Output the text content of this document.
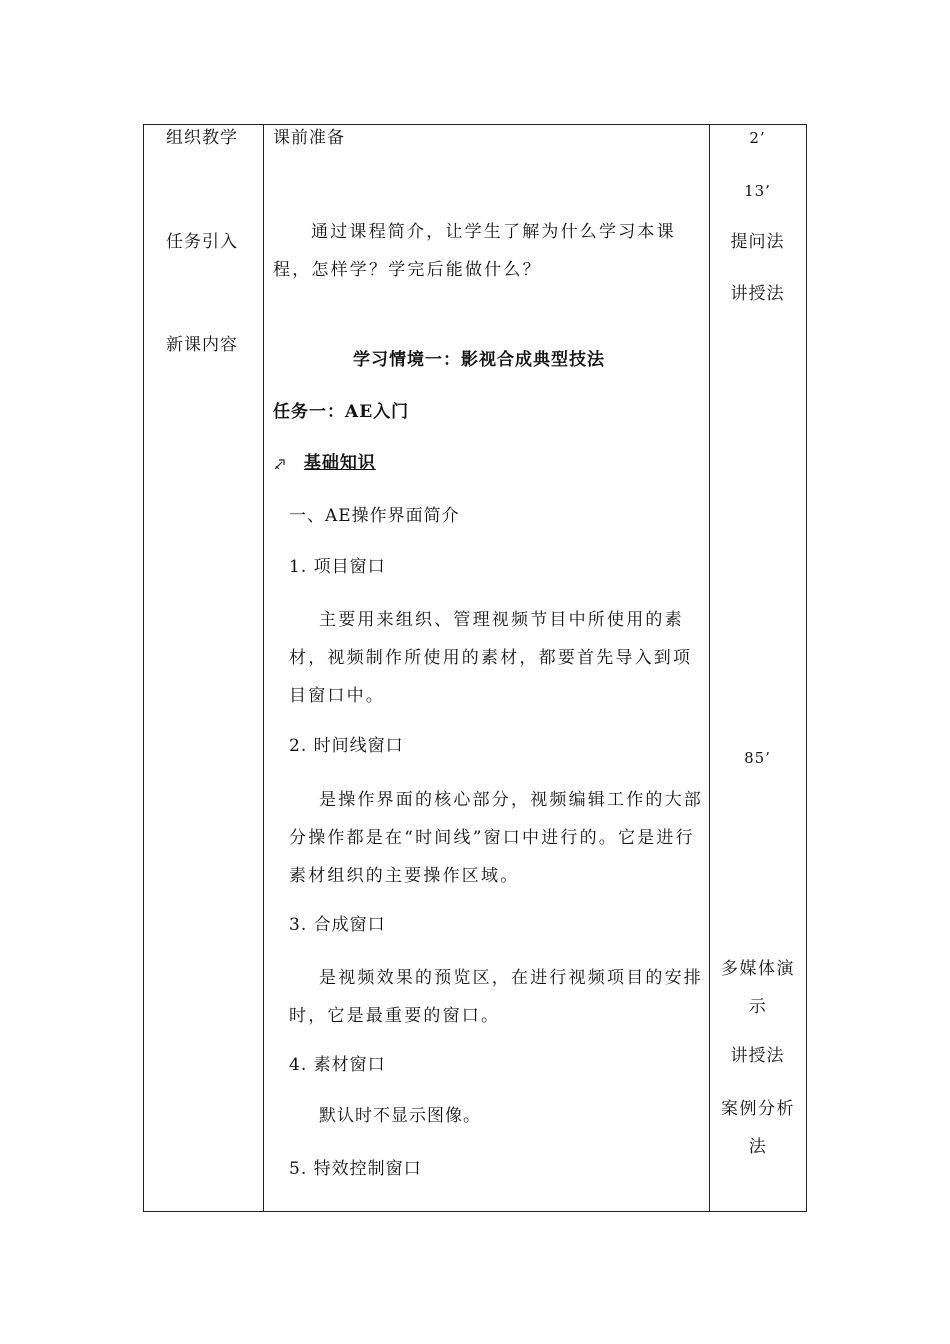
组织教学
任务引入
新课内容
课前准备
通过课程简介，让学生了解为什么学习本课程，怎样学？学完后能做什么？
学习情境一：影视合成典型技法
任务一：AE入门
基础知识
一、AE操作界面简介
1. 项目窗口
主要用来组织、管理视频节目中所使用的素材，视频制作所使用的素材，都要首先导入到项目窗口中。
2. 时间线窗口
是操作界面的核心部分，视频编辑工作的大部分操作都是在“时间线”窗口中进行的。它是进行素材组织的主要操作区域。
3. 合成窗口
是视频效果的预览区，在进行视频项目的安排时，它是最重要的窗口。
4. 素材窗口
默认时不显示图像。
5. 特效控制窗口
2’
13’
提问法
讲授法
85’
多媒体演示
讲授法
案例分析法
